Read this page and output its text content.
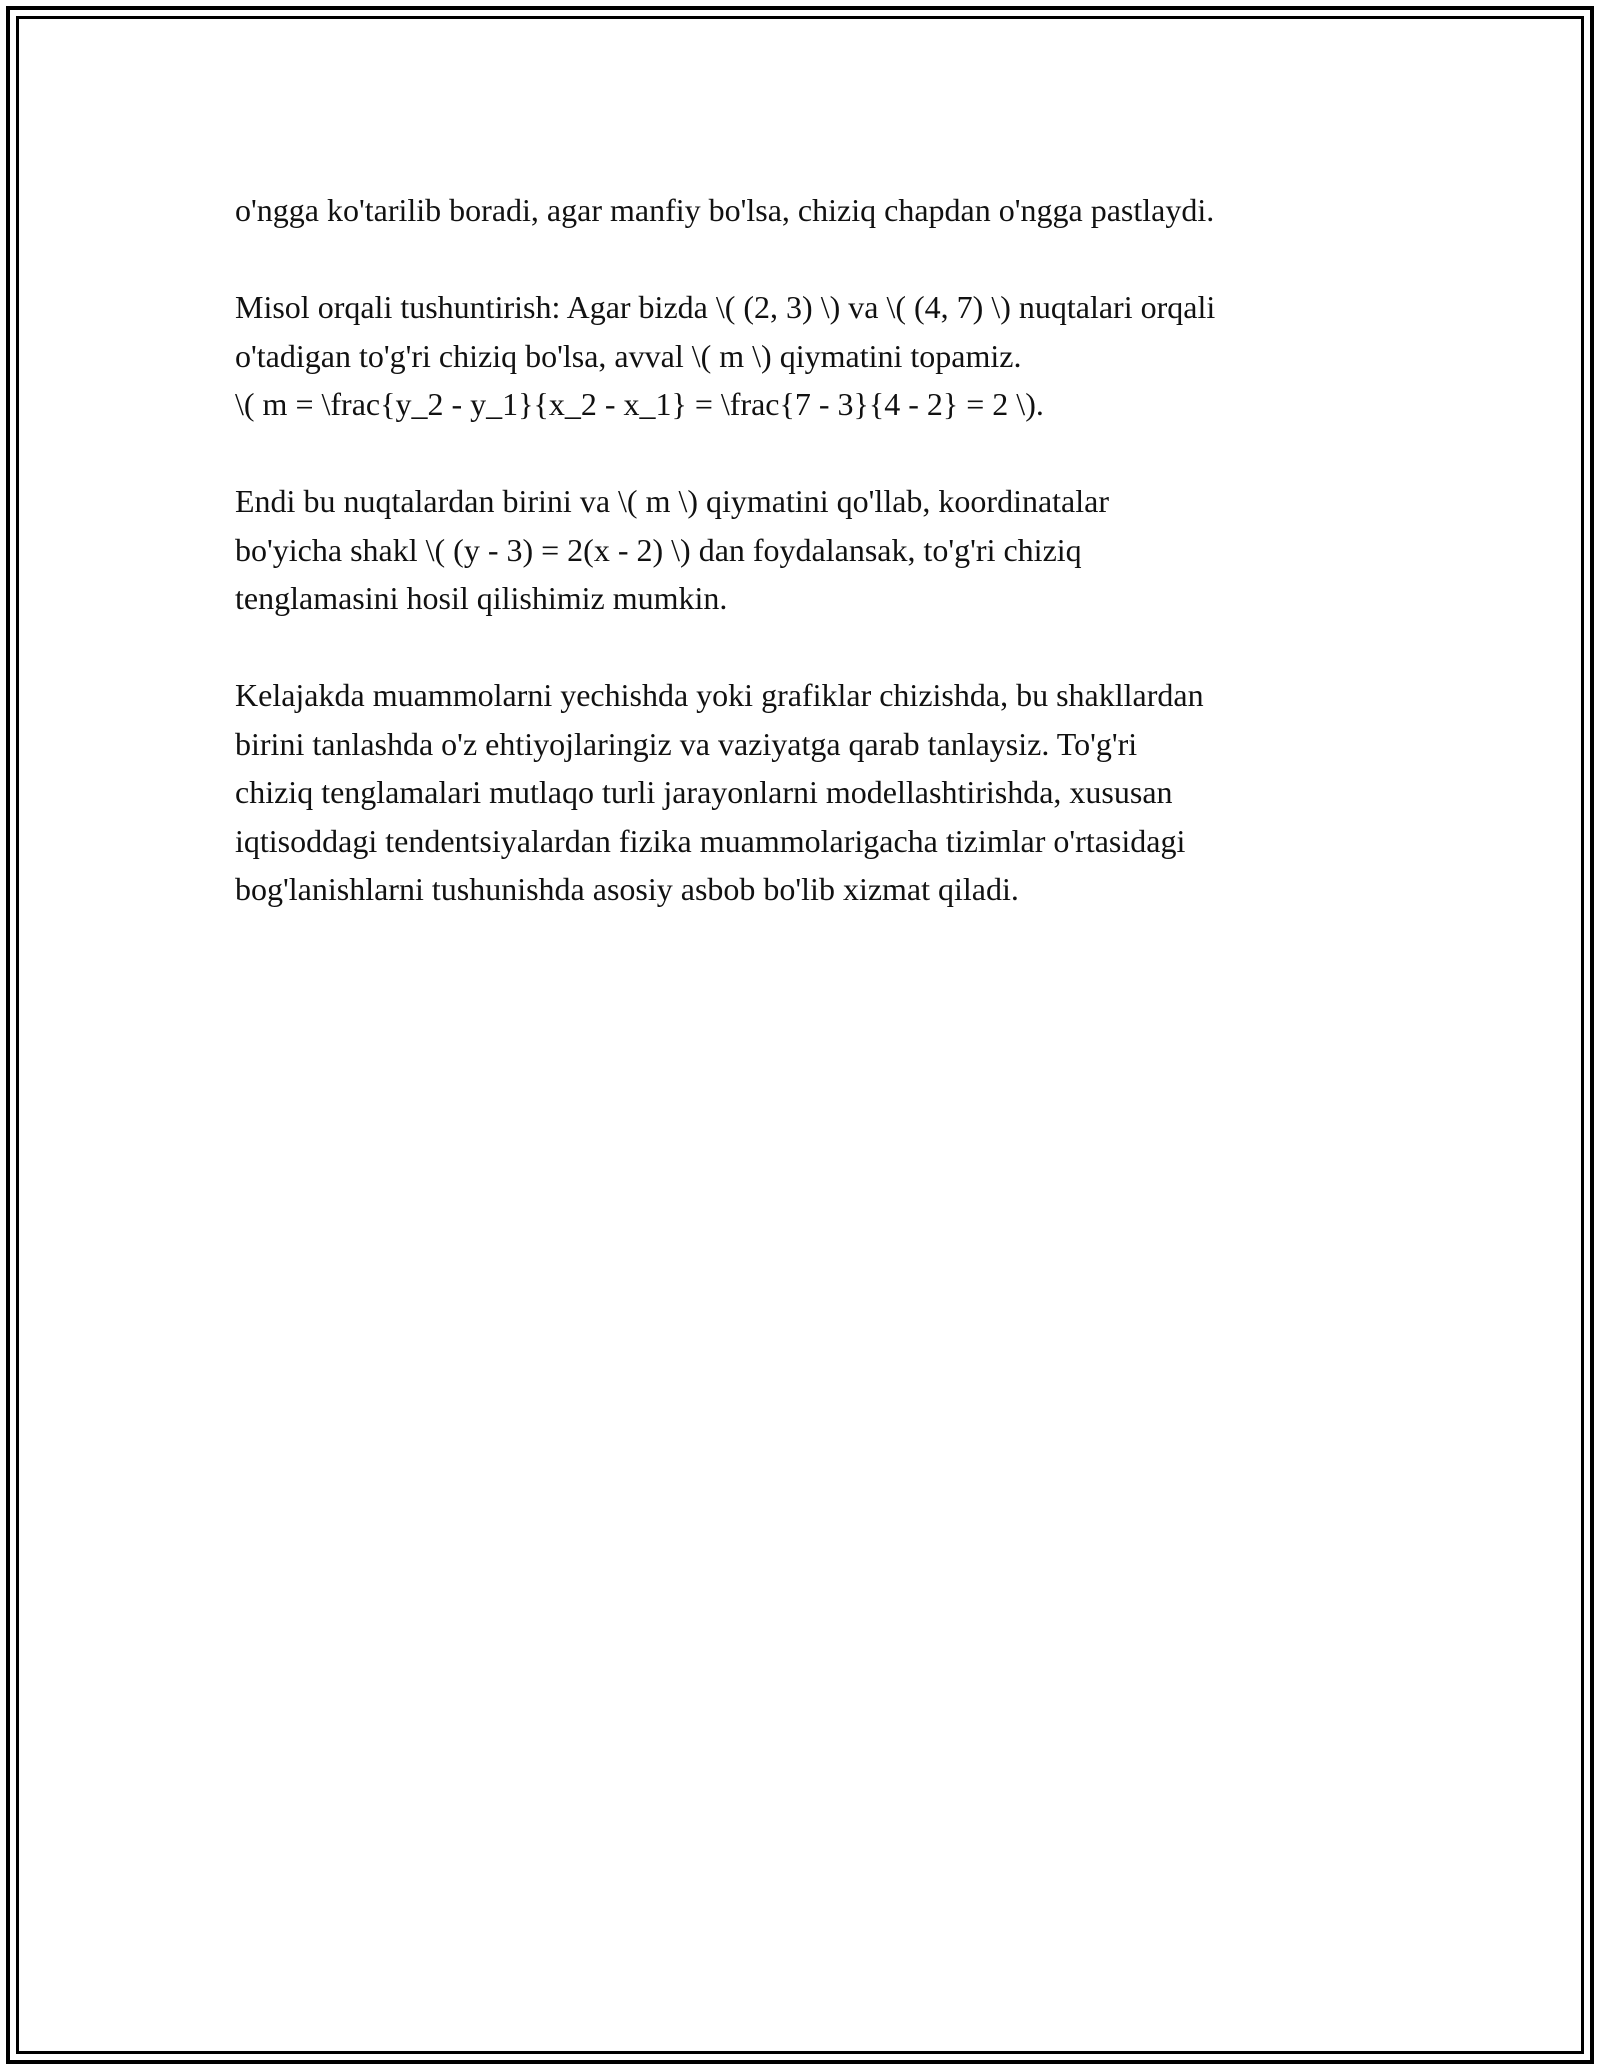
o'ngga ko'tarilib boradi, agar manfiy bo'lsa, chiziq chapdan o'ngga pastlaydi.

Misol orqali tushuntirish: Agar bizda \( (2, 3) \) va \( (4, 7) \) nuqtalari orqali
o'tadigan to'g'ri chiziq bo'lsa, avval \( m \) qiymatini topamiz.
\( m = \frac{y_2 - y_1}{x_2 - x_1} = \frac{7 - 3}{4 - 2} = 2 \).

Endi bu nuqtalardan birini va \( m \) qiymatini qo'llab, koordinatalar
bo'yicha shakl \( (y - 3) = 2(x - 2) \) dan foydalansak, to'g'ri chiziq
tenglamasini hosil qilishimiz mumkin.

Kelajakda muammolarni yechishda yoki grafiklar chizishda, bu shakllardan
birini tanlashda o'z ehtiyojlaringiz va vaziyatga qarab tanlaysiz. To'g'ri
chiziq tenglamalari mutlaqo turli jarayonlarni modellashtirishda, xususan
iqtisoddagi tendentsiyalardan fizika muammolarigacha tizimlar o'rtasidagi
bog'lanishlarni tushunishda asosiy asbob bo'lib xizmat qiladi.
